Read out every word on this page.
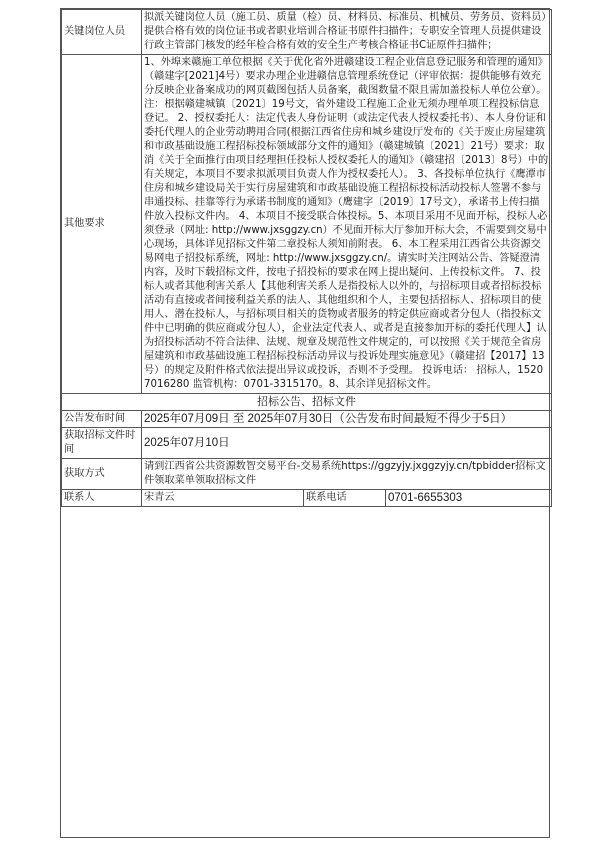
关键岗位人员	拟派关键岗位人员（施工员、质量（检）员、材料员、标准员、机械员、劳务员、资料员）提供合格有效的岗位证书或者职业培训合格证书原件扫描件；专职安全管理人员提供建设行政主管部门核发的经年检合格有效的安全生产考核合格证书C证原件扫描件；		
其他要求	1、外埠来赣施工单位根据《关于优化省外进赣建设工程企业信息登记服务和管理的通知》（赣建字[2021]4号）要求办理企业进赣信息管理系统登记（评审依据：提供能够有效充分反映企业备案成功的网页截图包括人员备案，截图数量不限且需加盖投标人单位公章）。注：根据赣建城镇〔2021〕19号文，省外建设工程施工企业无须办理单项工程投标信息登记。 2、授权委托人：法定代表人身份证明（或法定代表人授权委托书）、本人身份证和委托代理人的企业劳动聘用合同(根据江西省住房和城乡建设厅发布的《关于废止房屋建筑和市政基础设施工程招标投标领域部分文件的通知》（赣建城镇〔2021〕21号）要求：取消《关于全面推行由项目经理担任投标人授权委托人的通知》（赣建招〔2013〕8号）中的有关规定，本项目不要求拟派项目负责人作为授权委托人）。 3、各投标单位执行《鹰潭市住房和城乡建设局关于实行房屋建筑和市政基础设施工程招标投标活动投标人签署不参与串通投标、挂靠等行为承诺书制度的通知》（鹰建字〔2019〕17号文），承诺书上传扫描件放入投标文件内。 4、本项目不接受联合体投标。5、本项目采用不见面开标，投标人必须登录（网址: http://www.jxsggzy.cn）不见面开标大厅参加开标大会，不需要到交易中心现场，具体详见招标文件第二章投标人须知前附表。 6、本工程采用江西省公共资源交易网电子招投标系统，网址: http://www.jxsggzy.cn/。请实时关注网站公告、答疑澄清内容，及时下载招标文件，按电子招投标的要求在网上提出疑问、上传投标文件。 7、投标人或者其他利害关系人【其他利害关系人是指投标人以外的，与招标项目或者招标投标活动有直接或者间接利益关系的法人、其他组织和个人，主要包括招标人、招标项目的使用人、潜在投标人，与招标项目相关的货物或者服务的特定供应商或者分包人（指投标文件中已明确的供应商或分包人），企业法定代表人、或者是直接参加开标的委托代理人】认为招投标活动不符合法律、法规、规章及规范性文件规定的，可以按照《关于规范全省房屋建筑和市政基础设施工程招标投标活动异议与投诉处理实施意见》（赣建招【2017】13号）的规定及附件格式依法提出异议或投诉，否则不予受理。 投诉电话： 招标人，15207016280 监管机构：0701-3315170。8、其余详见招标文件。		
招标公告、招标文件			
公告发布时间	2025年07月09日 至 2025年07月30日（公告发布时间最短不得少于5日）		
获取招标文件时间	2025年07月10日		
获取方式	请到江西省公共资源数智交易平台-交易系统https://ggzyjy.jxggzyjy.cn/tpbidder招标文件领取菜单领取招标文件		
联系人	宋青云	联系电话	0701-6655303
